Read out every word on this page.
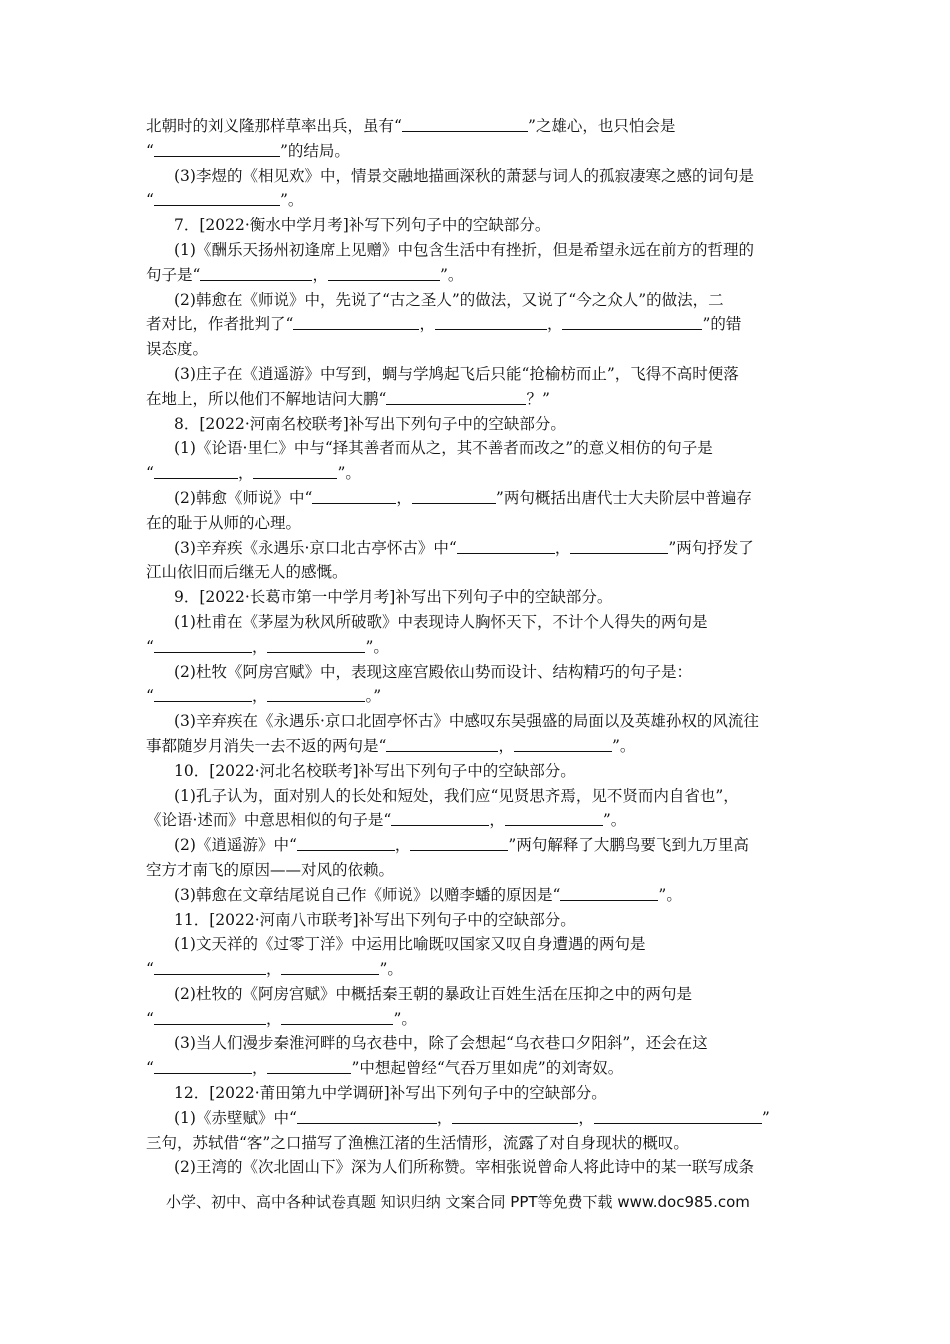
北朝时的刘义隆那样草率出兵，虽有“	”之雄心，也只怕会是
“	”的结局。
(3)李煜的《相见欢》中，情景交融地描画深秋的萧瑟与词人的孤寂凄寒之感的词句是
“	”。
7．[2022·衡水中学月考]补写下列句子中的空缺部分。
(1)《酬乐天扬州初逢席上见赠》中包含生活中有挫折，但是希望永远在前方的哲理的
句子是“	，	”。
(2)韩愈在《师说》中，先说了“古之圣人”的做法，又说了“今之众人”的做法，二
者对比，作者批判了“	，	，	”的错
误态度。
(3)庄子在《逍遥游》中写到，蜩与学鸠起飞后只能“抢榆枋而止”，飞得不高时便落
在地上，所以他们不解地诘问大鹏“	？”
8．[2022·河南名校联考]补写出下列句子中的空缺部分。
(1)《论语·里仁》中与“择其善者而从之，其不善者而改之”的意义相仿的句子是
“	，	”。
(2)韩愈《师说》中“	，	”两句概括出唐代士大夫阶层中普遍存
在的耻于从师的心理。
(3)辛弃疾《永遇乐·京口北古亭怀古》中“	，	”两句抒发了
江山依旧而后继无人的感慨。
9．[2022·长葛市第一中学月考]补写出下列句子中的空缺部分。
(1)杜甫在《茅屋为秋风所破歌》中表现诗人胸怀天下，不计个人得失的两句是
“	，	”。
(2)杜牧《阿房宫赋》中，表现这座宫殿依山势而设计、结构精巧的句子是：
“	，	。”
(3)辛弃疾在《永遇乐·京口北固亭怀古》中感叹东吴强盛的局面以及英雄孙权的风流往
事都随岁月消失一去不返的两句是“	，	”。
10．[2022·河北名校联考]补写出下列句子中的空缺部分。
(1)孔子认为，面对别人的长处和短处，我们应“见贤思齐焉，见不贤而内自省也”，
《论语·述而》中意思相似的句子是“	，	”。
(2)《逍遥游》中“	，	”两句解释了大鹏鸟要飞到九万里高
空方才南飞的原因——对风的依赖。
(3)韩愈在文章结尾说自己作《师说》以赠李蟠的原因是“	”。
11．[2022·河南八市联考]补写出下列句子中的空缺部分。
(1)文天祥的《过零丁洋》中运用比喻既叹国家又叹自身遭遇的两句是
“	，	”。
(2)杜牧的《阿房宫赋》中概括秦王朝的暴政让百姓生活在压抑之中的两句是
“	，	”。
(3)当人们漫步秦淮河畔的乌衣巷中，除了会想起“乌衣巷口夕阳斜”，还会在这
“	，	”中想起曾经“气吞万里如虎”的刘寄奴。
12．[2022·莆田第九中学调研]补写出下列句子中的空缺部分。
(1)《赤壁赋》中“	，	，	”
三句，苏轼借“客”之口描写了渔樵江渚的生活情形，流露了对自身现状的概叹。
(2)王湾的《次北固山下》深为人们所称赞。宰相张说曾命人将此诗中的某一联写成条
小学、初中、高中各种试卷真题 知识归纳 文案合同 PPT等免费下载 www.doc985.com
